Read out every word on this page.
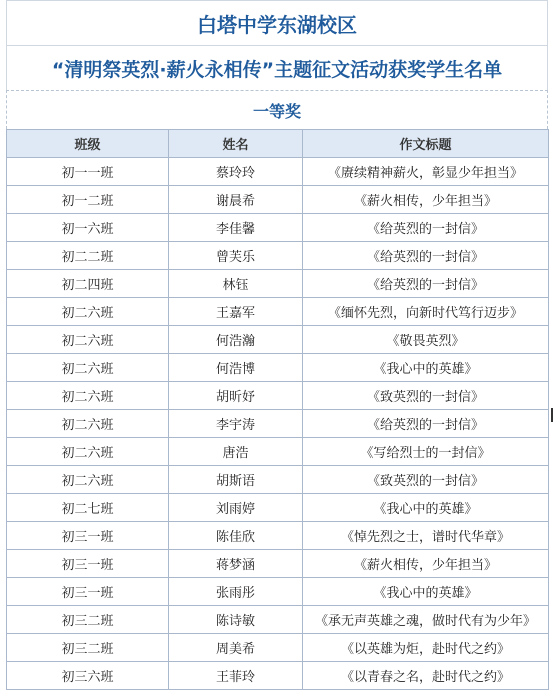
白塔中学东湖校区
“清明祭英烈·薪火永相传”主题征文活动获奖学生名单
一等奖
班级	姓名	作文标题
初一一班	蔡玲玲	《赓续精神薪火，彰显少年担当》
初一二班	谢晨希	《薪火相传，少年担当》
初一六班	李佳馨	《给英烈的一封信》
初二二班	曾芙乐	《给英烈的一封信》
初二四班	林钰	《给英烈的一封信》
初二六班	王嘉军	《缅怀先烈，向新时代笃行迈步》
初二六班	何浩瀚	《敬畏英烈》
初二六班	何浩博	《我心中的英雄》
初二六班	胡昕妤	《致英烈的一封信》
初二六班	李宇涛	《给英烈的一封信》
初二六班	唐浩	《写给烈士的一封信》
初二六班	胡斯语	《致英烈的一封信》
初二七班	刘雨婷	《我心中的英雄》
初三一班	陈佳欣	《悼先烈之士，谱时代华章》
初三一班	蒋梦涵	《薪火相传，少年担当》
初三一班	张雨彤	《我心中的英雄》
初三二班	陈诗敏	《承无声英雄之魂，做时代有为少年》
初三二班	周美希	《以英雄为炬，赴时代之约》
初三六班	王菲玲	《以青春之名，赴时代之约》
